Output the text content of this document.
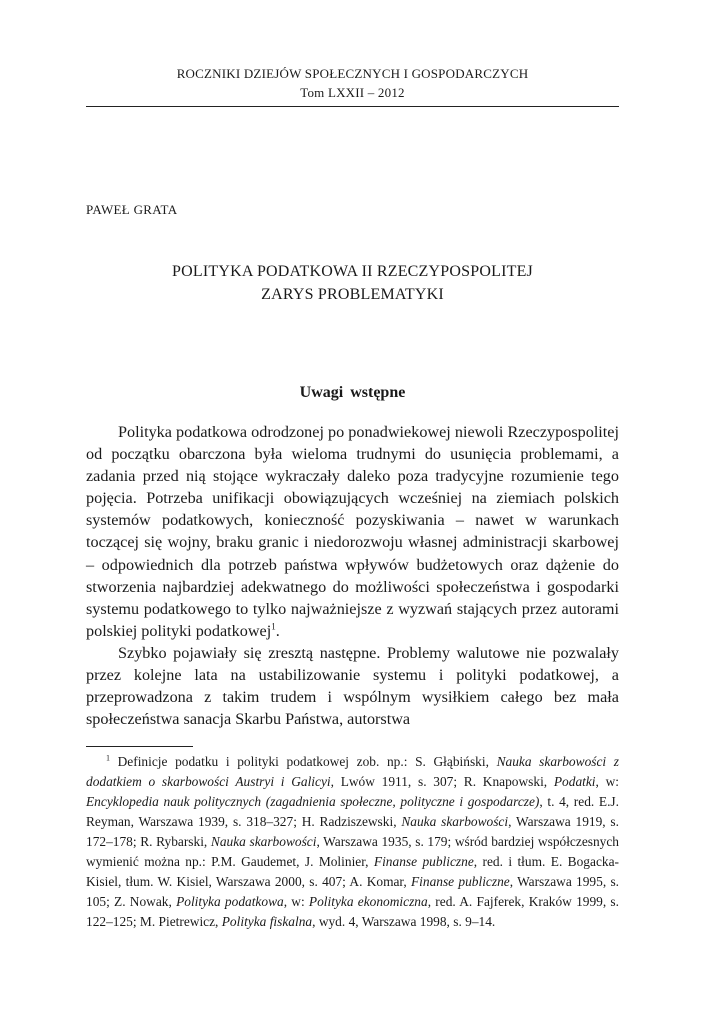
ROCZNIKI DZIEJÓW SPOŁECZNYCH I GOSPODARCZYCH
Tom LXXII – 2012
PAWEŁ GRATA
POLITYKA PODATKOWA II RZECZYPOSPOLITEJ
ZARYS PROBLEMATYKI
Uwagi wstępne

Polityka podatkowa odrodzonej po ponadwiekowej niewoli Rzeczypospolitej od początku obarczona była wieloma trudnymi do usunięcia problemami, a zadania przed nią stojące wykraczały daleko poza tradycyjne rozumienie tego pojęcia. Potrzeba unifikacji obowiązujących wcześniej na ziemiach polskich systemów podatkowych, konieczność pozyskiwania – nawet w warunkach toczącej się wojny, braku granic i niedorozwoju własnej administracji skarbowej – odpowiednich dla potrzeb państwa wpływów budżetowych oraz dążenie do stworzenia najbardziej adekwatnego do możliwości społeczeństwa i gospodarki systemu podatkowego to tylko najważniejsze z wyzwań stających przez autorami polskiej polityki podatkowej$^1$.

Szybko pojawiały się zresztą następne. Problemy walutowe nie pozwalały przez kolejne lata na ustabilizowanie systemu i polityki podatkowej, a przeprowadzona z takim trudem i wspólnym wysiłkiem całego bez mała społeczeństwa sanacja Skarbu Państwa, autorstwa

$^1$ Definicje podatku i polityki podatkowej zob. np.: S. Głąbiński, Nauka skarbowości z dodatkiem o skarbowości Austryi i Galicyi, Lwów 1911, s. 307; R. Knapowski, Podatki, w: Encyklopedia nauk politycznych (zagadnienia społeczne, polityczne i gospodarcze), t. 4, red. E.J. Reyman, Warszawa 1939, s. 318–327; H. Radziszewski, Nauka skarbowości, Warszawa 1919, s. 172–178; R. Rybarski, Nauka skarbowości, Warszawa 1935, s. 179; wśród bardziej współczesnych wymienić można np.: P.M. Gaudemet, J. Molinier, Finanse publiczne, red. i tłum. E. Bogacka-Kisiel, tłum. W. Kisiel, Warszawa 2000, s. 407; A. Komar, Finanse publiczne, Warszawa 1995, s. 105; Z. Nowak, Polityka podatkowa, w: Polityka ekonomiczna, red. A. Fajferek, Kraków 1999, s. 122–125; M. Pietrewicz, Polityka fiskalna, wyd. 4, Warszawa 1998, s. 9–14.
